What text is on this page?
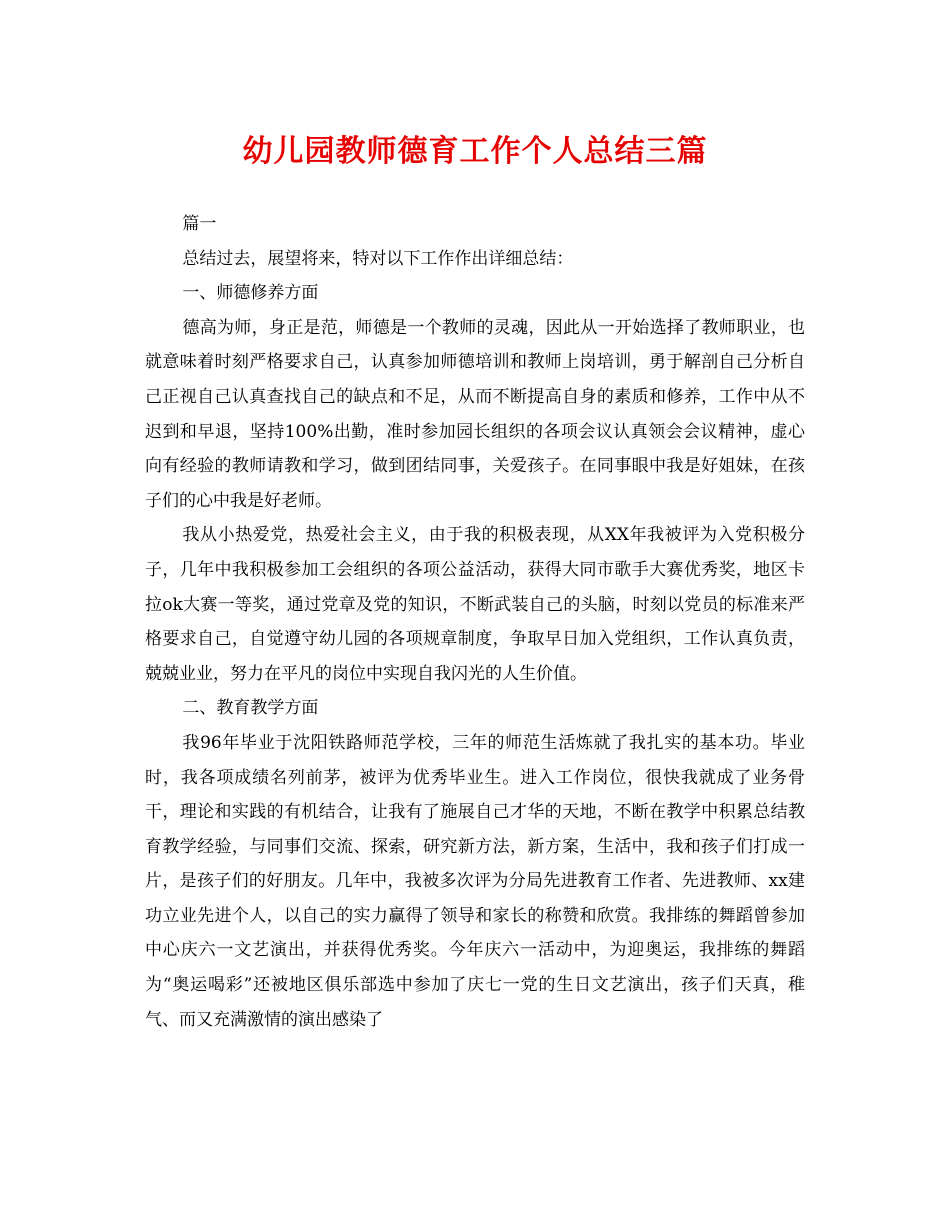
幼儿园教师德育工作个人总结三篇

篇一

总结过去，展望将来，特对以下工作作出详细总结：

一、师德修养方面

德高为师，身正是范，师德是一个教师的灵魂，因此从一开始选择了教师职业，也就意味着时刻严格要求自己，认真参加师德培训和教师上岗培训，勇于解剖自己分析自己正视自己认真查找自己的缺点和不足，从而不断提高自身的素质和修养，工作中从不迟到和早退，坚持100%出勤，准时参加园长组织的各项会议认真领会会议精神，虚心向有经验的教师请教和学习，做到团结同事，关爱孩子。在同事眼中我是好姐妹，在孩子们的心中我是好老师。

我从小热爱党，热爱社会主义，由于我的积极表现，从XX年我被评为入党积极分子，几年中我积极参加工会组织的各项公益活动，获得大同市歌手大赛优秀奖，地区卡拉ok大赛一等奖，通过党章及党的知识，不断武装自己的头脑，时刻以党员的标准来严格要求自己，自觉遵守幼儿园的各项规章制度，争取早日加入党组织，工作认真负责，兢兢业业，努力在平凡的岗位中实现自我闪光的人生价值。

二、教育教学方面

我96年毕业于沈阳铁路师范学校，三年的师范生活炼就了我扎实的基本功。毕业时，我各项成绩名列前茅，被评为优秀毕业生。进入工作岗位，很快我就成了业务骨干，理论和实践的有机结合，让我有了施展自己才华的天地，不断在教学中积累总结教育教学经验，与同事们交流、探索，研究新方法，新方案，生活中，我和孩子们打成一片，是孩子们的好朋友。几年中，我被多次评为分局先进教育工作者、先进教师、xx建功立业先进个人，以自己的实力赢得了领导和家长的称赞和欣赏。我排练的舞蹈曾参加中心庆六一文艺演出，并获得优秀奖。今年庆六一活动中，为迎奥运，我排练的舞蹈为“奥运喝彩”还被地区俱乐部选中参加了庆七一党的生日文艺演出，孩子们天真，稚气、而又充满激情的演出感染了
